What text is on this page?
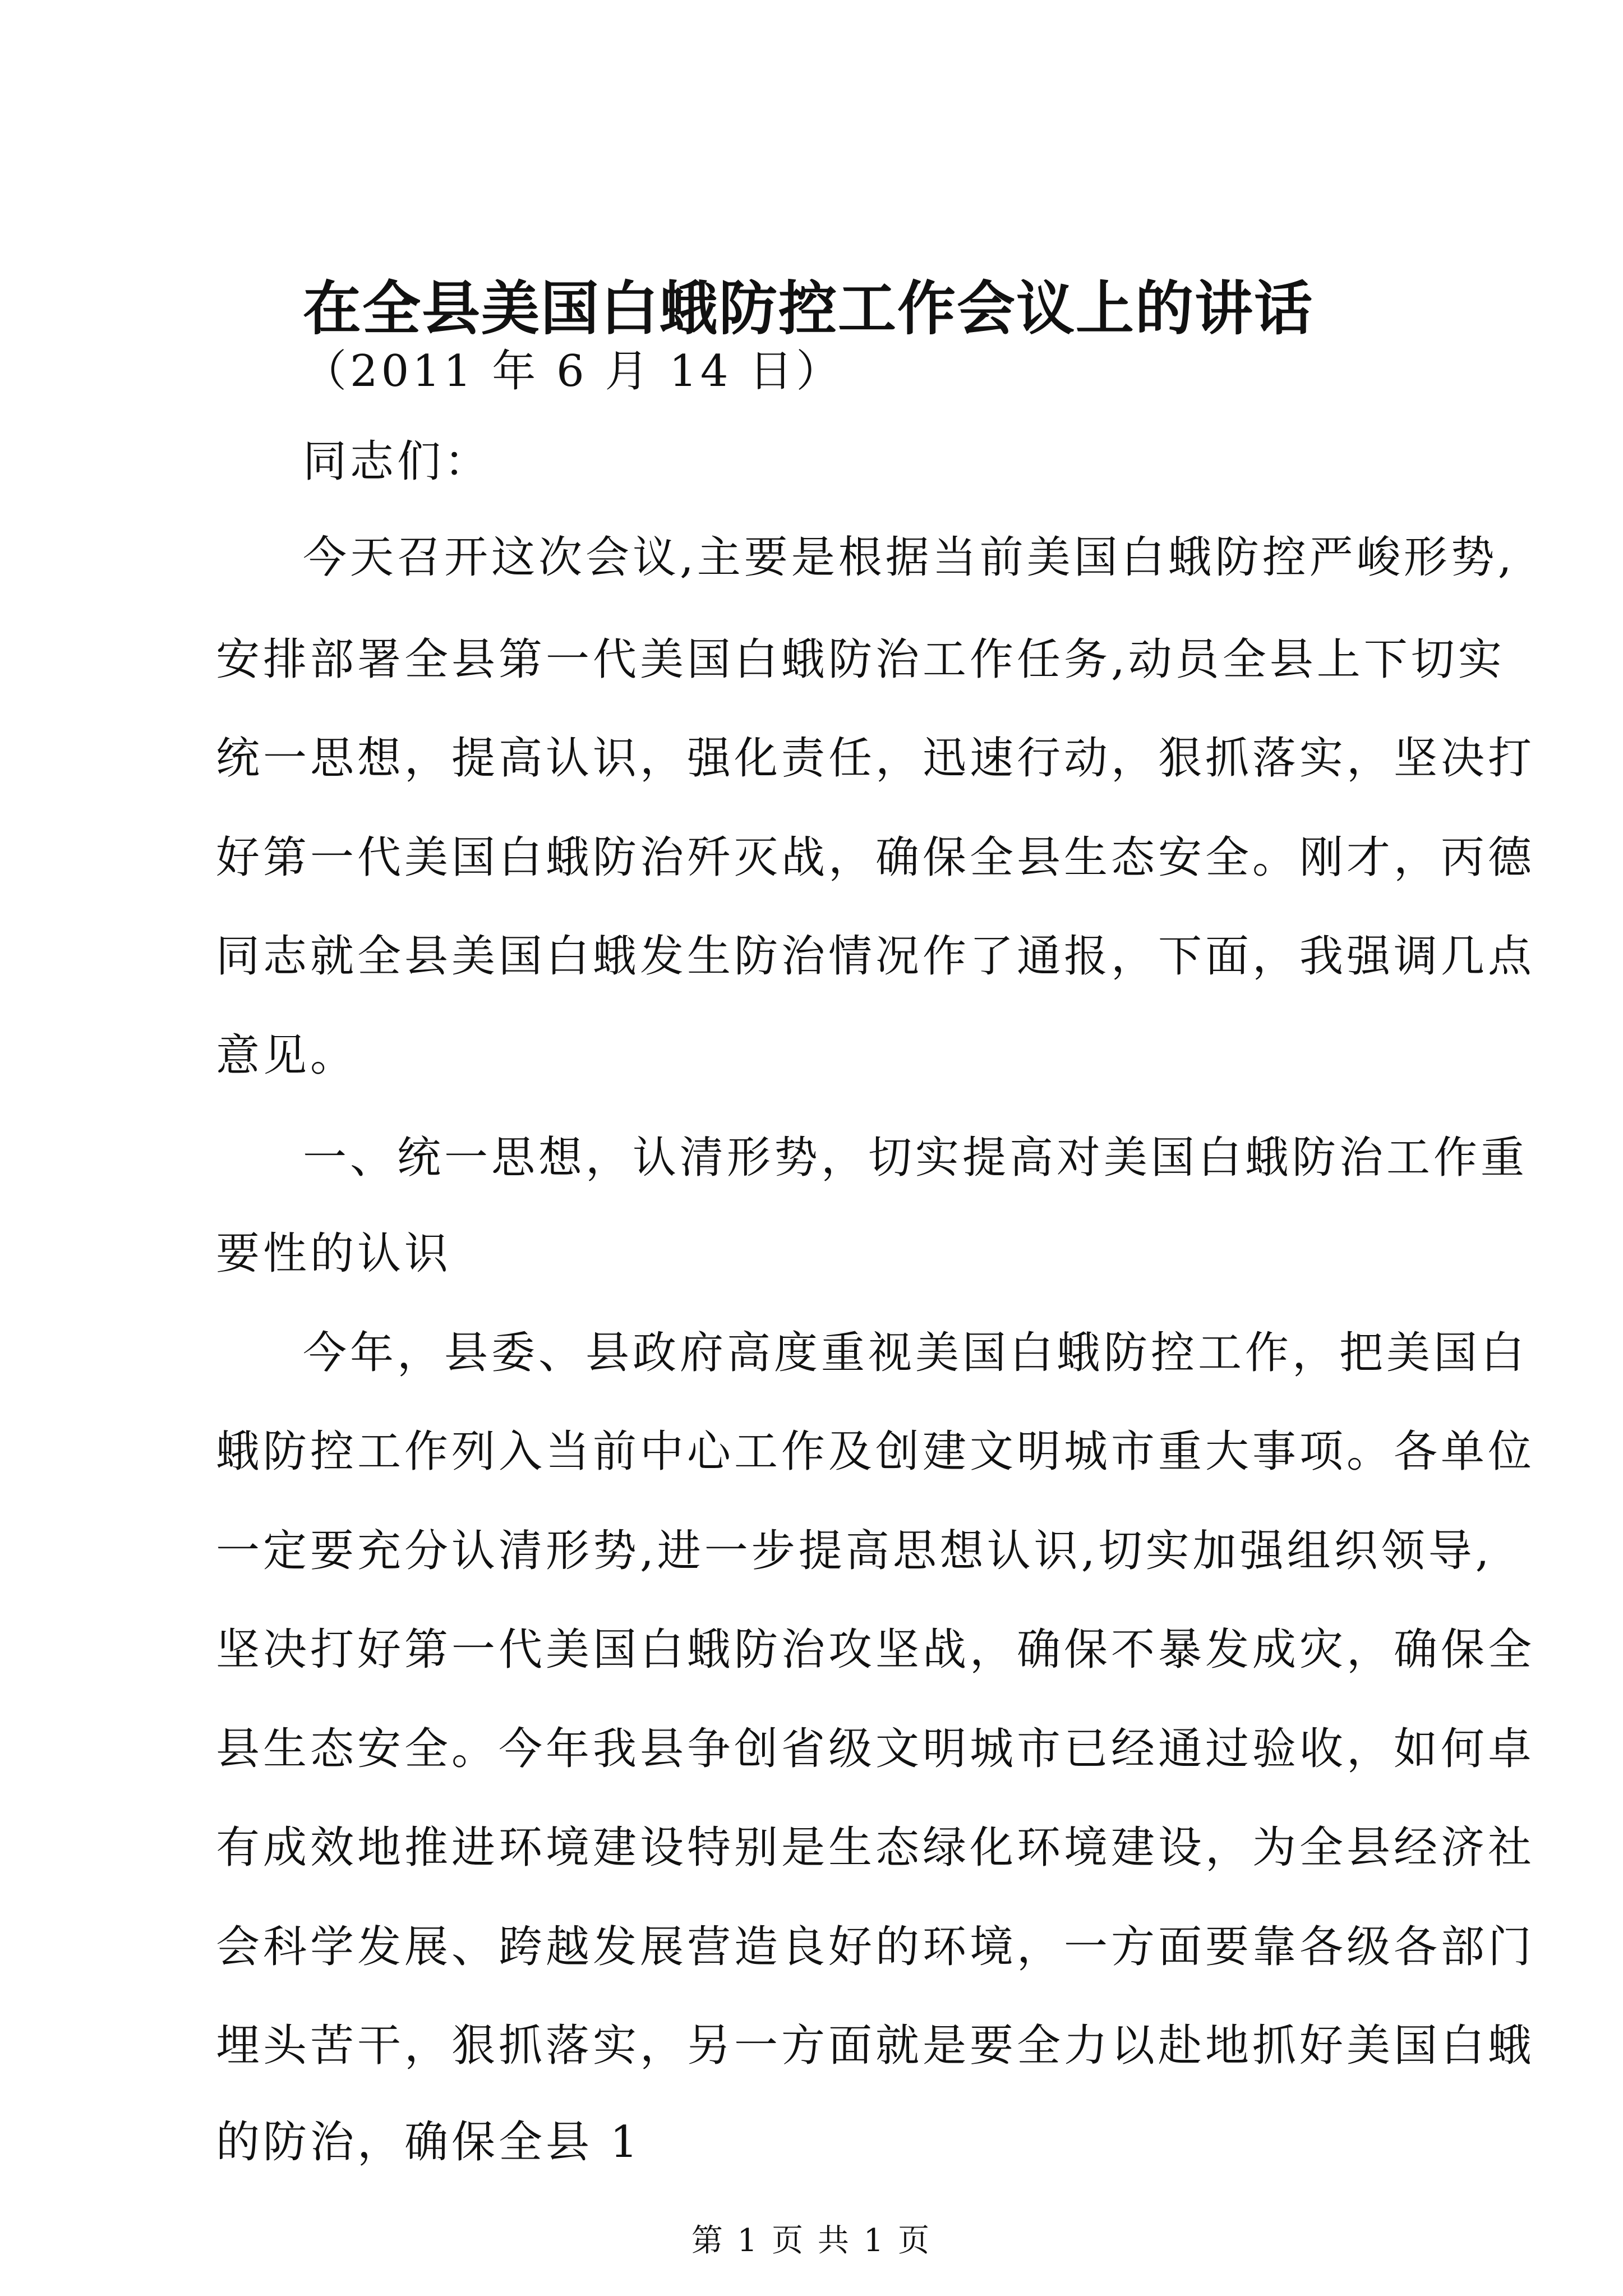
在全县美国白蛾防控工作会议上的讲话

（2011 年 6 月 14 日）

同志们：

今天召开这次会议,主要是根据当前美国白蛾防控严峻形势,

安排部署全县第一代美国白蛾防治工作任务,动员全县上下切实

统一思想，提高认识，强化责任，迅速行动，狠抓落实，坚决打

好第一代美国白蛾防治歼灭战，确保全县生态安全。刚才，丙德

同志就全县美国白蛾发生防治情况作了通报，下面，我强调几点

意见。

一、统一思想，认清形势，切实提高对美国白蛾防治工作重

要性的认识

今年，县委、县政府高度重视美国白蛾防控工作，把美国白

蛾防控工作列入当前中心工作及创建文明城市重大事项。各单位

一定要充分认清形势,进一步提高思想认识,切实加强组织领导,

坚决打好第一代美国白蛾防治攻坚战，确保不暴发成灾，确保全

县生态安全。今年我县争创省级文明城市已经通过验收，如何卓

有成效地推进环境建设特别是生态绿化环境建设，为全县经济社

会科学发展、跨越发展营造良好的环境，一方面要靠各级各部门

埋头苦干，狠抓落实，另一方面就是要全力以赴地抓好美国白蛾

的防治，确保全县 1

第 1 页 共 1 页
